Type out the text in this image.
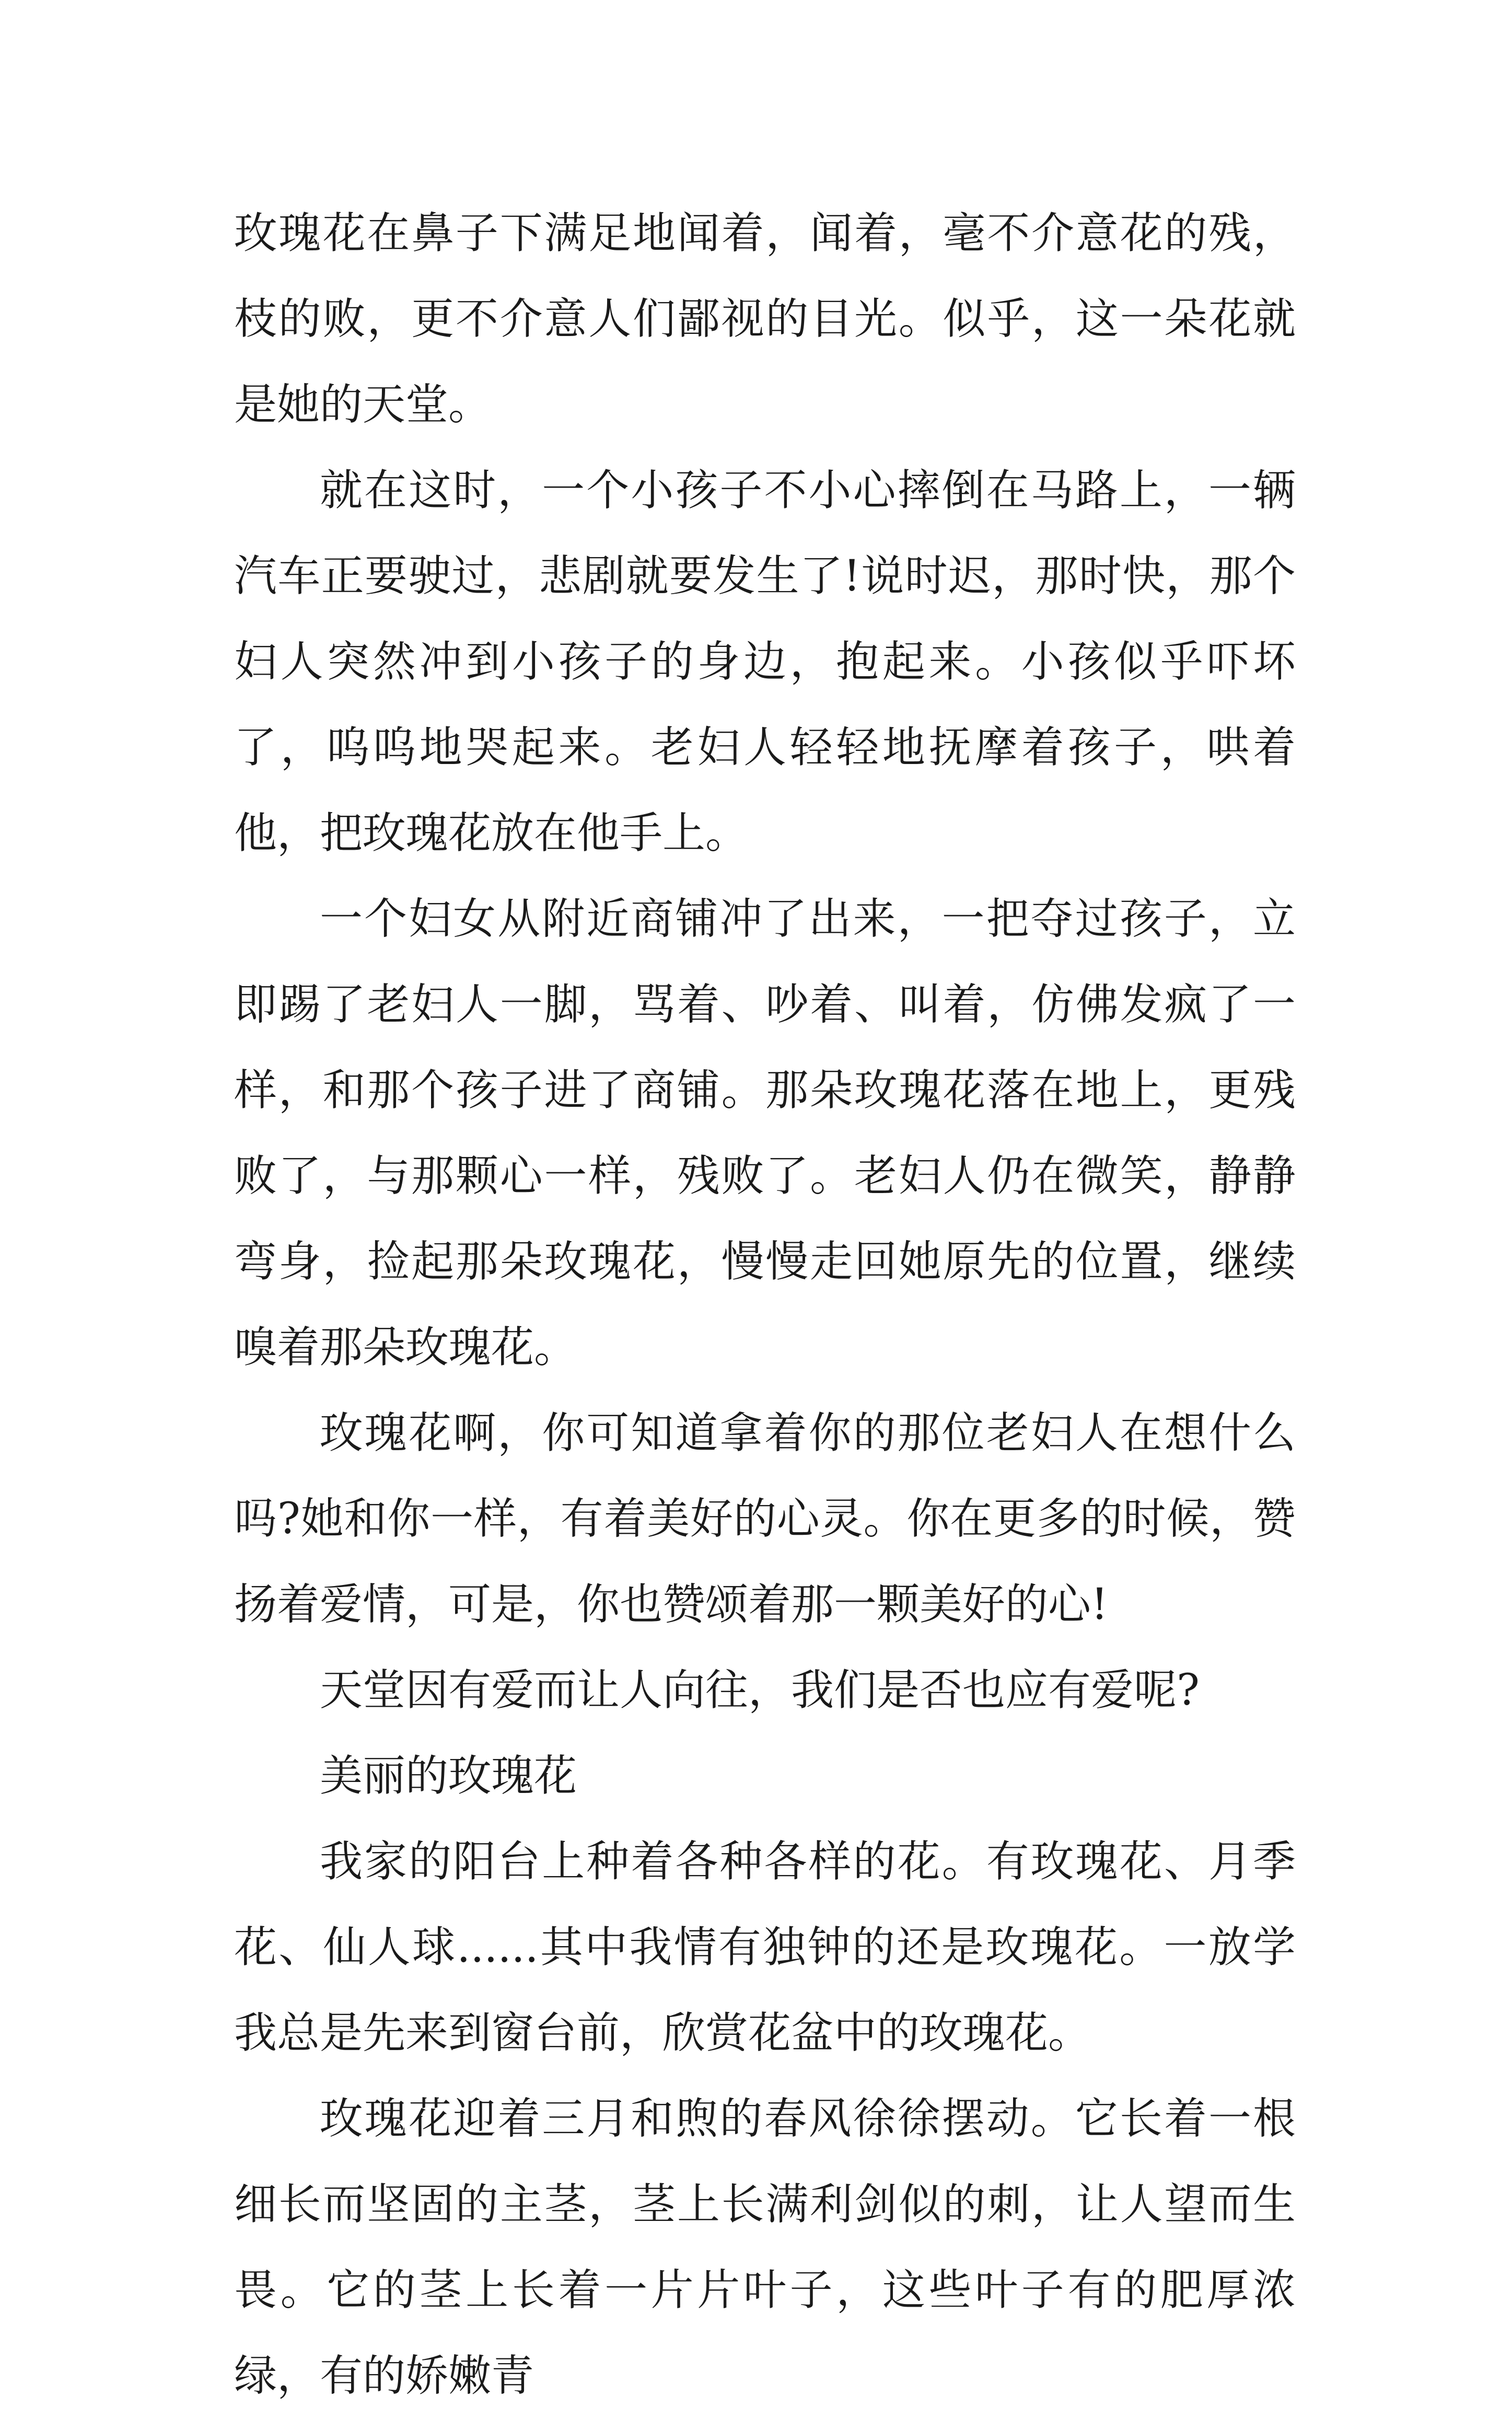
玫瑰花在鼻子下满足地闻着，闻着，毫不介意花的残，枝的败，更不介意人们鄙视的目光。似乎，这一朵花就是她的天堂。

就在这时，一个小孩子不小心摔倒在马路上，一辆汽车正要驶过，悲剧就要发生了!说时迟，那时快，那个妇人突然冲到小孩子的身边，抱起来。小孩似乎吓坏了，呜呜地哭起来。老妇人轻轻地抚摩着孩子，哄着他，把玫瑰花放在他手上。

一个妇女从附近商铺冲了出来，一把夺过孩子，立即踢了老妇人一脚，骂着、吵着、叫着，仿佛发疯了一样，和那个孩子进了商铺。那朵玫瑰花落在地上，更残败了，与那颗心一样，残败了。老妇人仍在微笑，静静弯身，捡起那朵玫瑰花，慢慢走回她原先的位置，继续嗅着那朵玫瑰花。

玫瑰花啊，你可知道拿着你的那位老妇人在想什么吗?她和你一样，有着美好的心灵。你在更多的时候，赞扬着爱情，可是，你也赞颂着那一颗美好的心!

天堂因有爱而让人向往，我们是否也应有爱呢?

美丽的玫瑰花

我家的阳台上种着各种各样的花。有玫瑰花、月季花、仙人球......其中我情有独钟的还是玫瑰花。一放学我总是先来到窗台前，欣赏花盆中的玫瑰花。

玫瑰花迎着三月和煦的春风徐徐摆动。它长着一根细长而坚固的主茎，茎上长满利剑似的刺，让人望而生畏。它的茎上长着一片片叶子，这些叶子有的肥厚浓绿，有的娇嫩青
